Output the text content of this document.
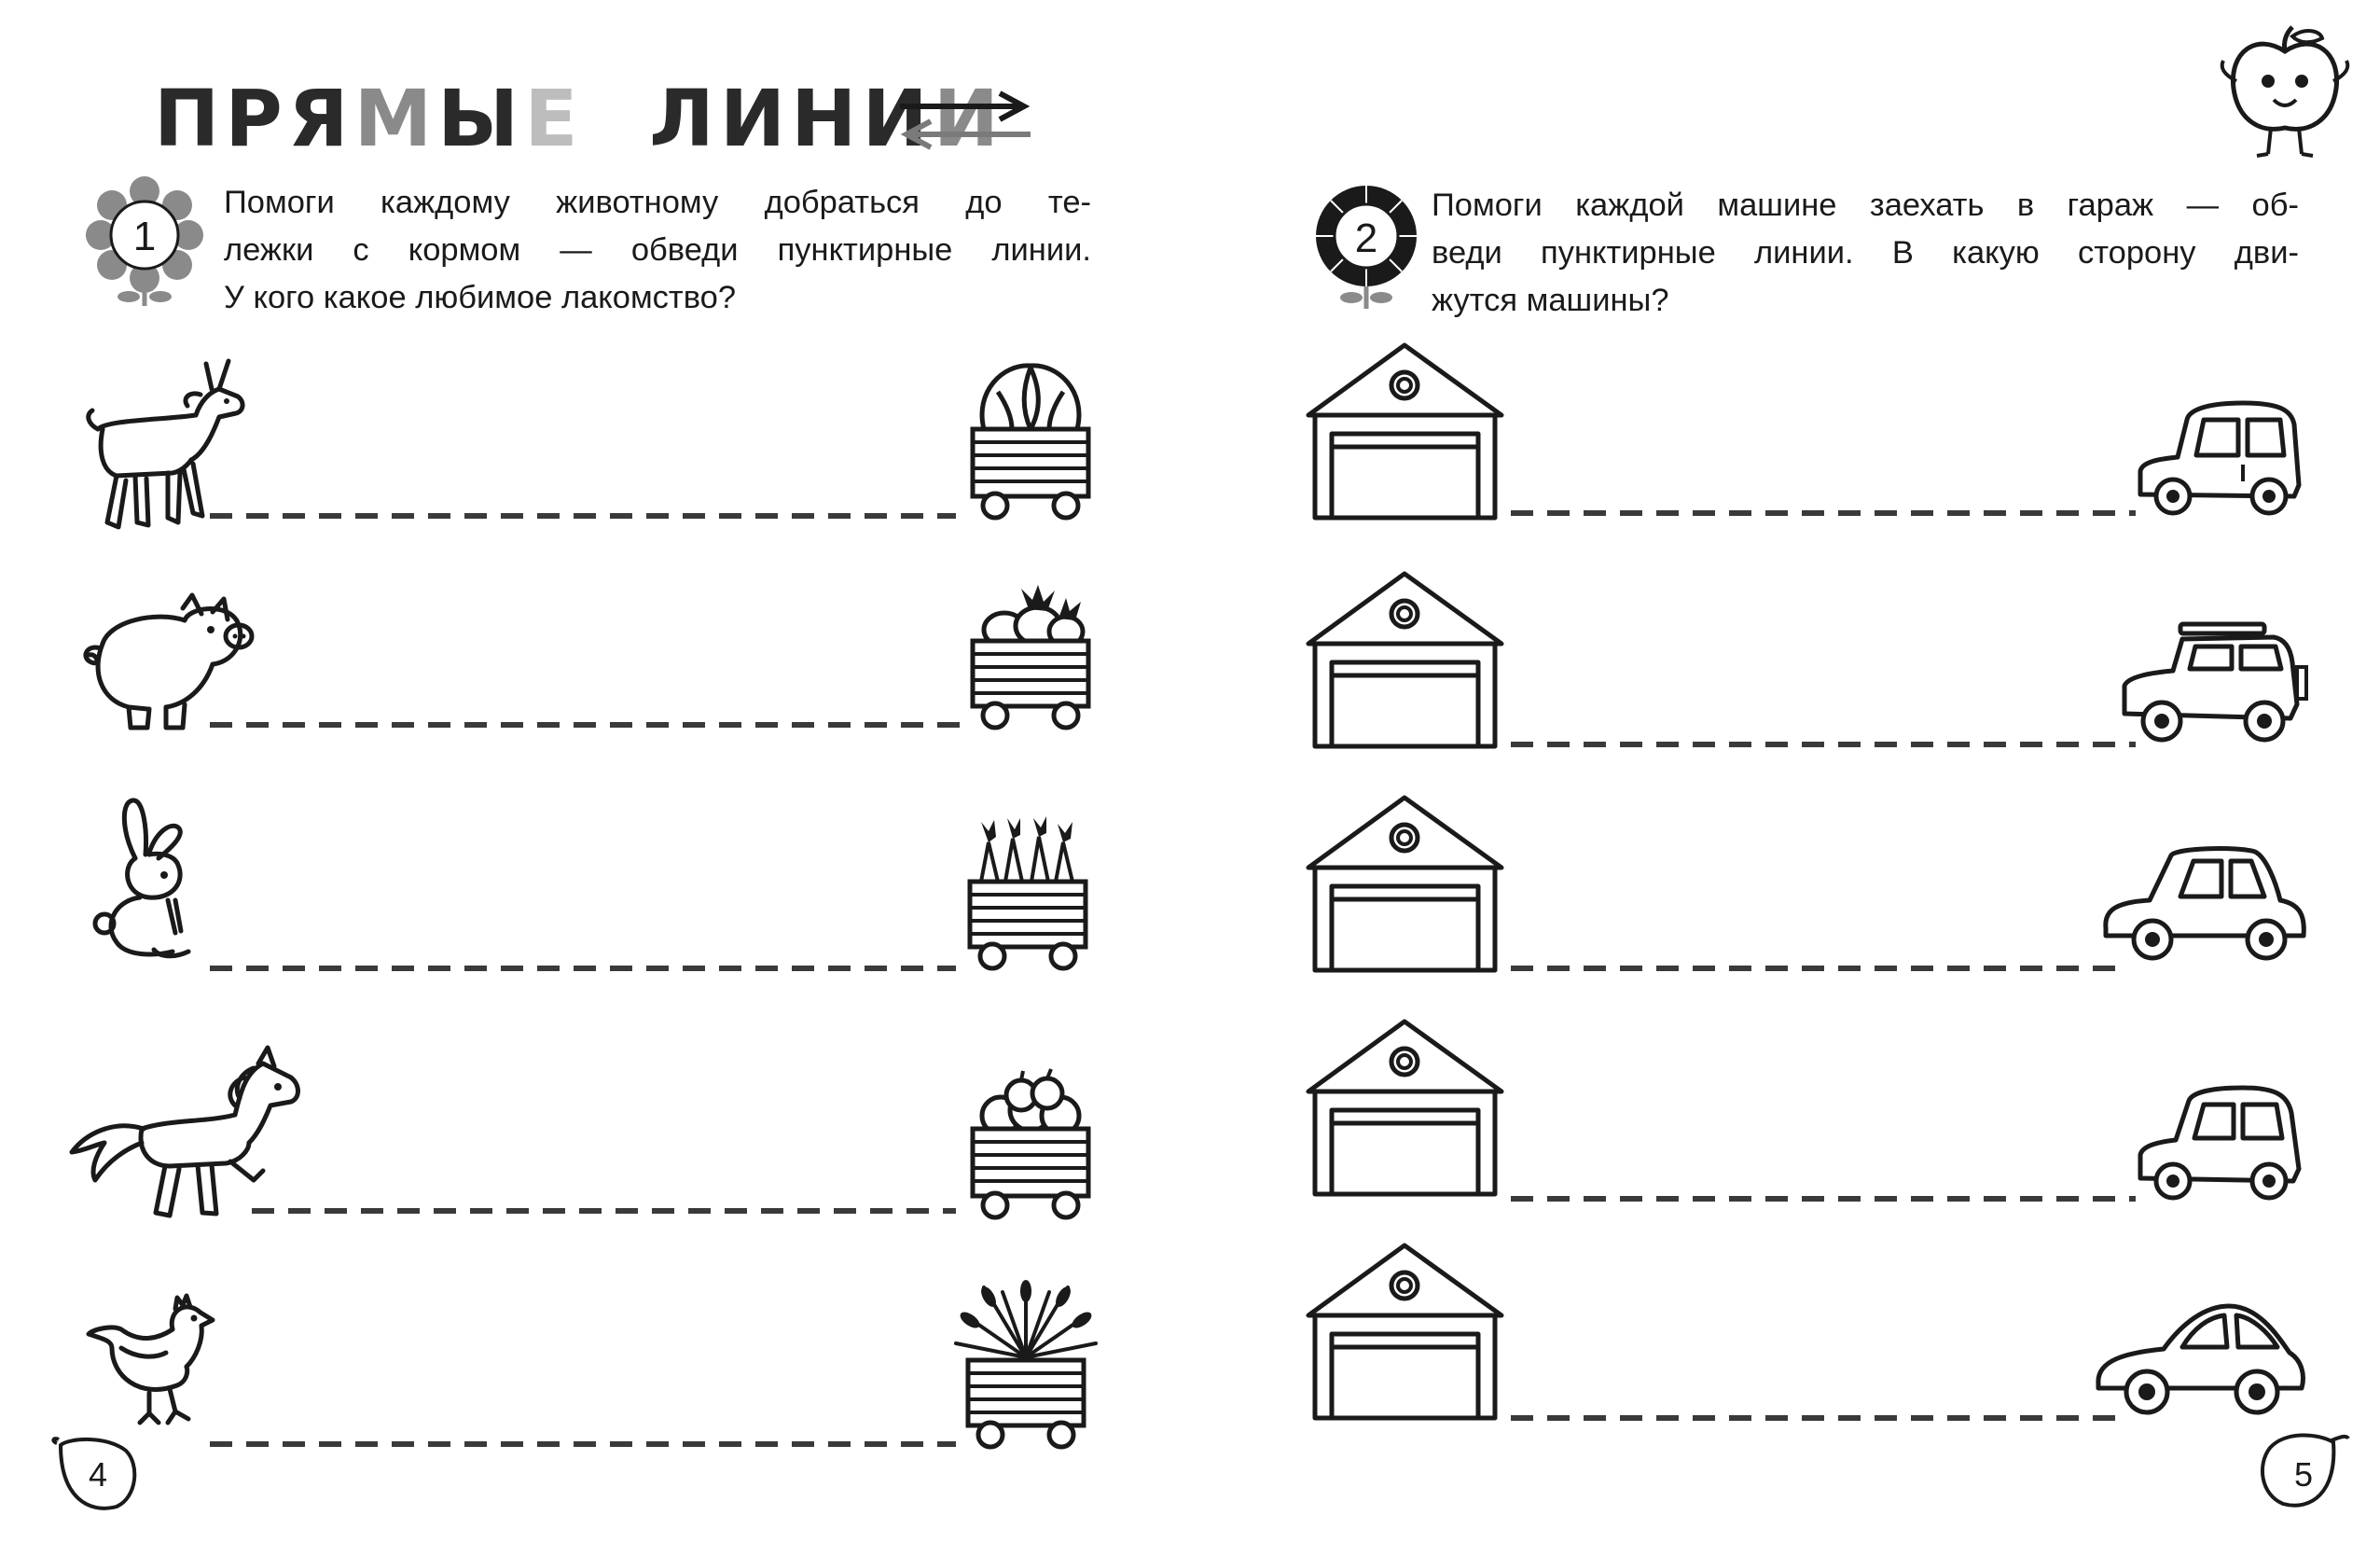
ПРЯМЫЕ ЛИНИИ
1
Помоги каждому животному добраться до те-
лежки с кормом — обведи пунктирные линии.
У кого какое любимое лакомство?
2
Помоги каждой машине заехать в гараж — об-
веди пунктирные линии. В какую сторону дви-
жутся машины?
4	5
